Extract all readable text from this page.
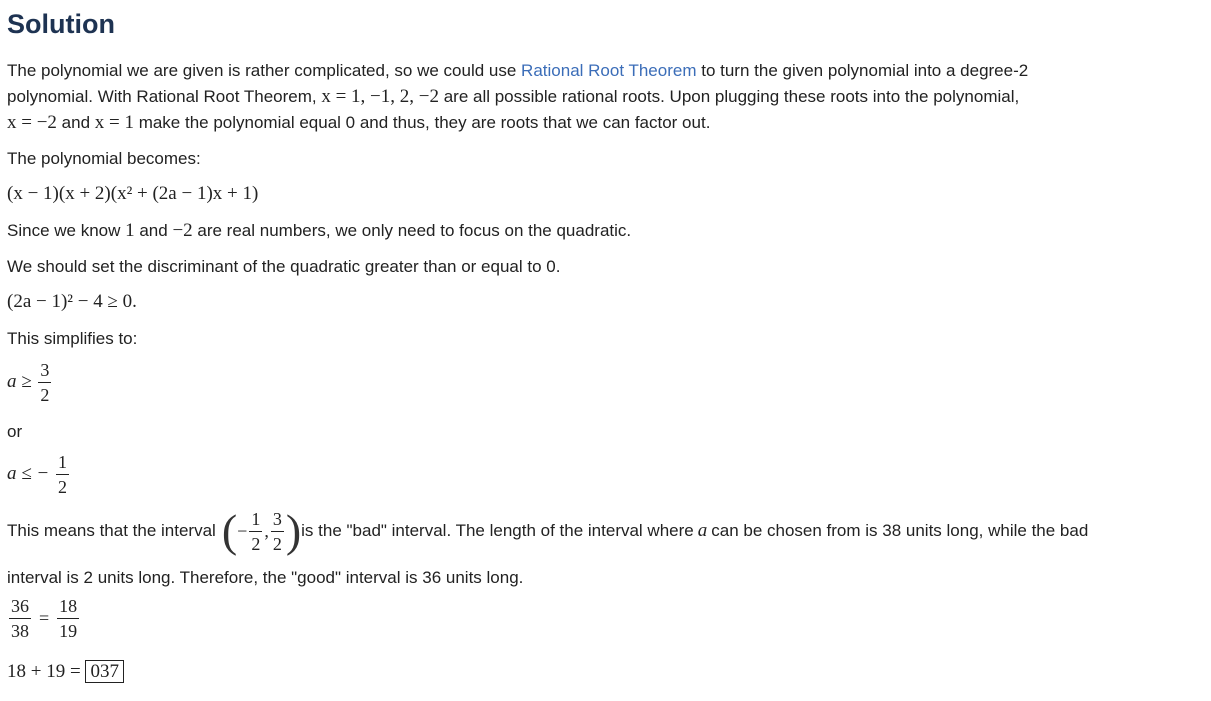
Solution
The polynomial we are given is rather complicated, so we could use Rational Root Theorem to turn the given polynomial into a degree-2
polynomial. With Rational Root Theorem, x = 1, −1, 2, −2 are all possible rational roots. Upon plugging these roots into the polynomial,
x = −2 and x = 1 make the polynomial equal 0 and thus, they are roots that we can factor out.
The polynomial becomes:
(x − 1)(x + 2)(x² + (2a − 1)x + 1)
Since we know 1 and −2 are real numbers, we only need to focus on the quadratic.
We should set the discriminant of the quadratic greater than or equal to 0.
(2a − 1)² − 4 ≥ 0.
This simplifies to:
$a \ge \frac{3}{2}$
or
a ≤ − $\frac{1}{2}$
This means that the interval ( − $\frac{1}{2}$ , $\frac{3}{2}$ ) is the "bad" interval. The length of the interval where a can be chosen from is 38 units long, while the bad
interval is 2 units long. Therefore, the "good" interval is 36 units long.
$\frac{36}{38} = \frac{18}{19}$
18 + 19 = 037
